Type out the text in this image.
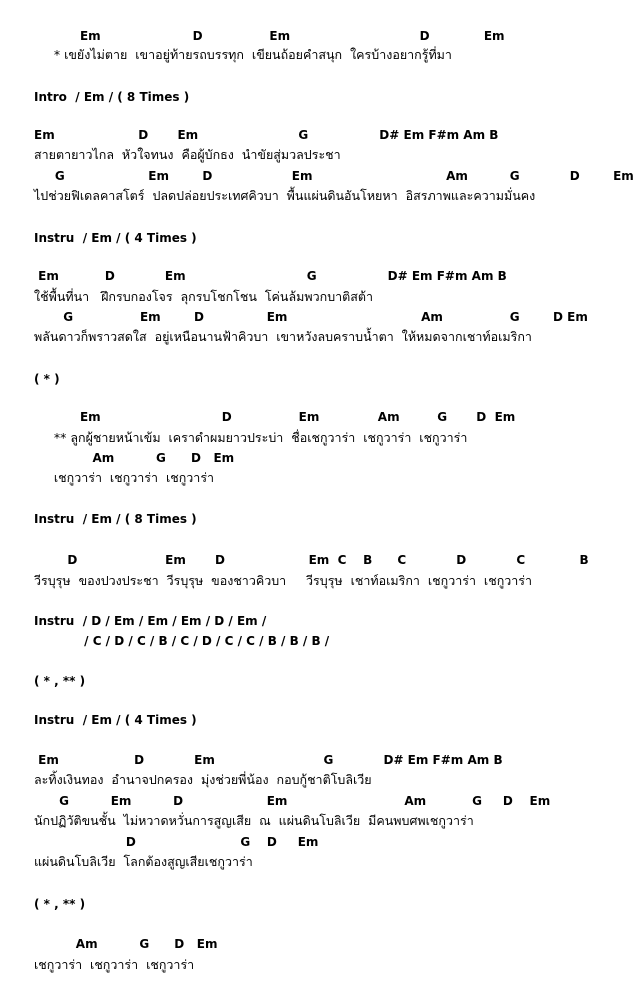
Em                      D                Em                               D             Em
* เขยังไม่ตาย  เขาอยู่ท้ายรถบรรทุก  เขียนถ้อยคำสนุก  ใครบ้างอยากรู้ที่มา
Intro  / Em / ( 8 Times )
Em                    D       Em                        G                 D# Em F#m Am B
สายตายาวไกล  หัวใจทนง  คือผู้บักธง  นำขัยสู่มวลประชา
G                    Em        D                   Em                                Am          G            D        Em
ไปช่วยฟิเดลคาสโตร์  ปลดปล่อยประเทศคิวบา  พื้นแผ่นดินอันโหยหา  อิสรภาพและความมั่นคง
Instru  / Em / ( 4 Times )
Em           D            Em                             G                 D# Em F#m Am B
ใช้พื้นที่นา   ฝึกรบกองโจร  ลุกรบโชกโชน  โค่นล้มพวกบาติสต้า
G                Em        D               Em                                Am                G        D Em
พลันดาวก็พราวสดใส  อยู่เหนือนานฟ้าคิวบา  เขาหวังลบคราบน้ำตา  ให้หมดจากเชาท์อเมริกา
( * )
Em                             D                Em              Am         G       D  Em
** ลูกผู้ชายหน้าเข้ม  เคราดำผมยาวประบ่า  ชื่อเชกูวาร่า  เชกูวาร่า  เชกูวาร่า
Am          G      D   Em
เชกูวาร่า  เชกูวาร่า  เชกูวาร่า
Instru  / Em / ( 8 Times )
D                     Em       D                    Em  C    B      C            D            C             B
วีรบุรุษ  ของปวงประชา  วีรบุรุษ  ของชาวคิวบา     วีรบุรุษ  เชาท์อเมริกา  เชกูวาร่า  เชกูวาร่า
Instru  / D / Em / Em / Em / D / Em /
/ C / D / C / B / C / D / C / C / B / B / B /
( * , ** )
Instru  / Em / ( 4 Times )
Em                  D            Em                          G            D# Em F#m Am B
ละทิ้งเงินทอง  อำนาจปกครอง  มุ่งช่วยพี่น้อง  กอบกู้ชาติโบลิเวีย
G          Em          D                    Em                            Am           G     D    Em
นักปฏิวัติขนชั้น  ไม่หวาดหวั่นการสูญเสีย  ณ  แผ่นดินโบลิเวีย  มีคนพบศพเชกูวาร่า
D                         G    D     Em
แผ่นดินโบลิเวีย  โลกต้องสูญเสียเชกูวาร่า
( * , ** )
Am          G      D   Em
เชกูวาร่า  เชกูวาร่า  เชกูวาร่า
